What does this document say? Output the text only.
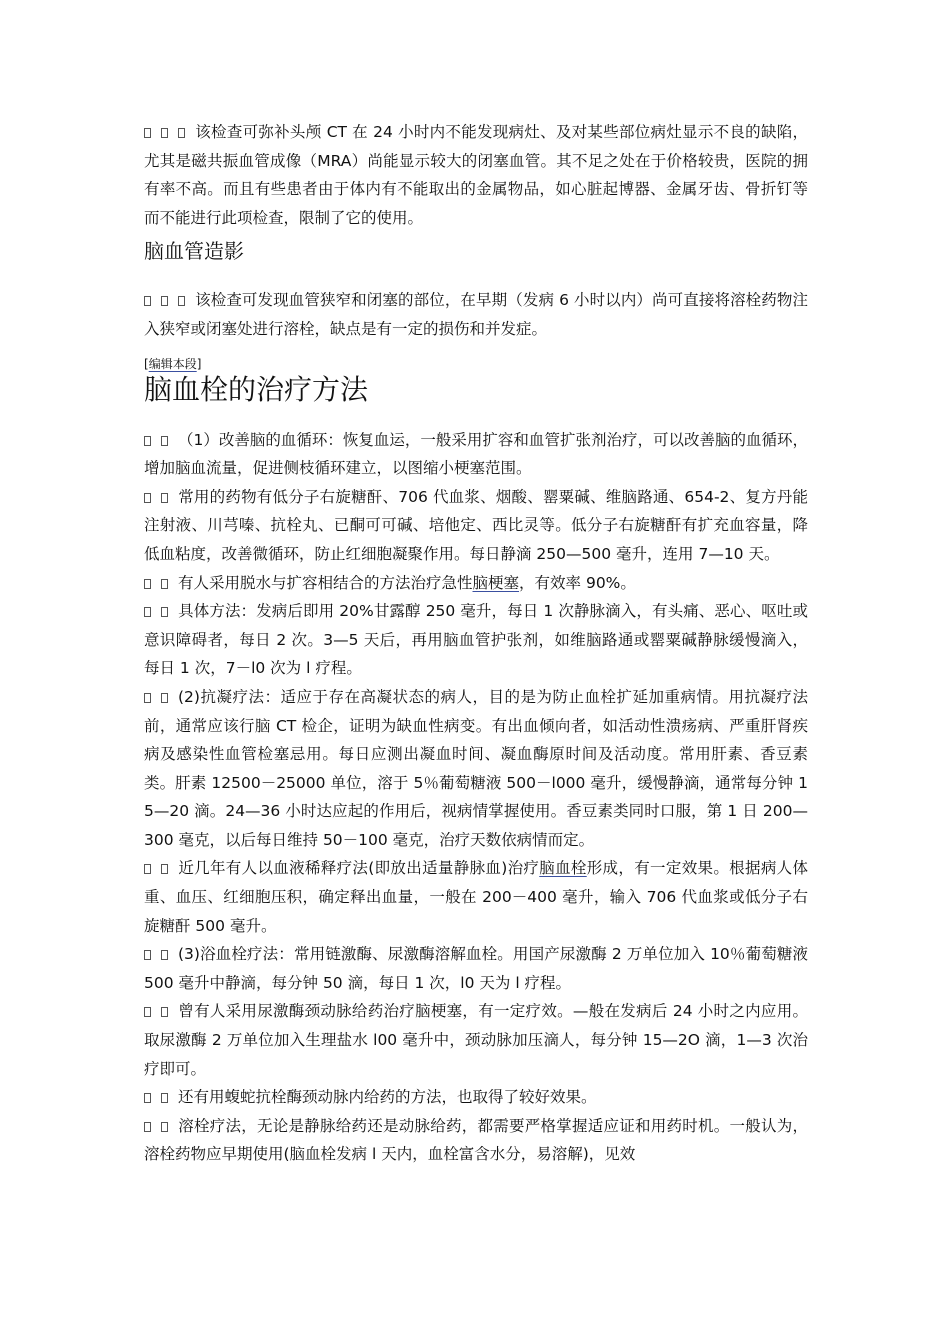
该检查可弥补头颅 CT 在 24 小时内不能发现病灶、及对某些部位病灶显示不良的缺陷，尤其是磁共振血管成像（MRA）尚能显示较大的闭塞血管。其不足之处在于价格较贵，医院的拥有率不高。而且有些患者由于体内有不能取出的金属物品，如心脏起博器、金属牙齿、骨折钉等而不能进行此项检查，限制了它的使用。

脑血管造影

该检查可发现血管狭窄和闭塞的部位，在早期（发病 6 小时以内）尚可直接将溶栓药物注入狭窄或闭塞处进行溶栓，缺点是有一定的损伤和并发症。

[编辑本段]
脑血栓的治疗方法

（1）改善脑的血循环：恢复血运，一般采用扩容和血管扩张剂治疗，可以改善脑的血循环，增加脑血流量，促进侧枝循环建立，以图缩小梗塞范围。

常用的药物有低分子右旋糖酐、706 代血浆、烟酸、罂粟碱、维脑路通、654-2、复方丹能注射液、川芎嗪、抗栓丸、已酮可可碱、培他定、西比灵等。低分子右旋糖酐有扩充血容量，降低血粘度，改善微循环，防止红细胞凝聚作用。每日静滴 250—500 毫升，连用 7—10 天。

有人采用脱水与扩容相结合的方法治疗急性脑梗塞，有效率 90%。

具体方法：发病后即用 20%甘露醇 250 毫升，每日 1 次静脉滴入，有头痛、恶心、呕吐或意识障碍者，每日 2 次。3—5 天后，再用脑血管护张剂，如维脑路通或罂粟碱静脉缓慢滴入，每日 1 次，7－l0 次为 l 疗程。

(2)抗凝疗法：适应于存在高凝状态的病人，目的是为防止血栓扩延加重病情。用抗凝疗法前，通常应该行脑 CT 检企，证明为缺血性病变。有出血倾向者，如活动性溃疡病、严重肝肾疾病及感染性血管检塞忌用。每日应测出凝血时间、凝血酶原时间及活动度。常用肝素、香豆素类。肝素 12500－25000 单位，溶于 5％葡萄糖液 500－l000 毫升，缓慢静滴，通常每分钟 15—20 滴。24—36 小时达应起的作用后，视病情掌握使用。香豆素类同时口服，第 1 日 200—300 毫克，以后每日维持 50－100 毫克，治疗天数依病情而定。

近几年有人以血液稀释疗法(即放出适量静脉血)治疗脑血栓形成，有一定效果。根据病人体重、血压、红细胞压积，确定释出血量，一般在 200－400 毫升，输入 706 代血浆或低分子右旋糖酐 500 毫升。

(3)浴血栓疗法：常用链激酶、尿激酶溶解血栓。用国产尿激酶 2 万单位加入 10％葡萄糖液 500 毫升中静滴，每分钟 50 滴，每日 1 次，l0 天为 l 疗程。

曾有人采用尿激酶颈动脉给药治疗脑梗塞，有一定疗效。—般在发病后 24 小时之内应用。取尿激酶 2 万单位加入生理盐水 l00 毫升中，颈动脉加压滴人，每分钟 15—2O 滴，1—3 次治疗即可。

还有用蝮蛇抗栓酶颈动脉内给药的方法，也取得了较好效果。

溶栓疗法，无论是静脉给药还是动脉给药，都需要严格掌握适应证和用药时机。一般认为，溶栓药物应早期使用(脑血栓发病 l 天内，血栓富含水分，易溶解)，见效
